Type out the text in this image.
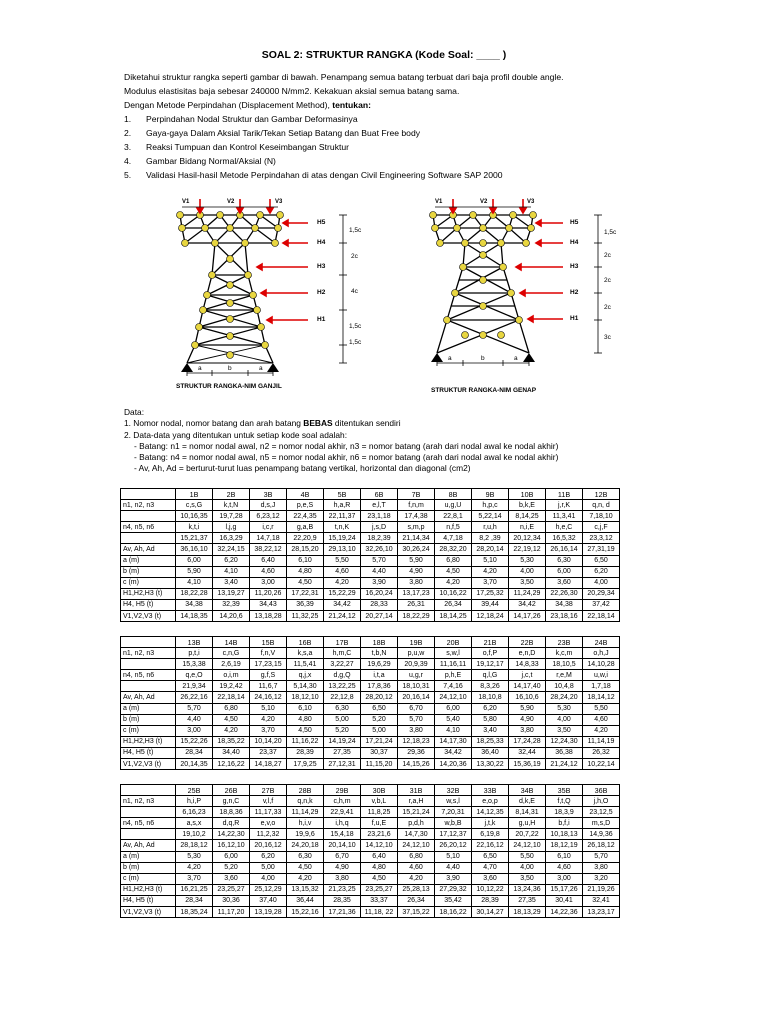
SOAL 2: STRUKTUR RANGKA (Kode Soal: ____ )

Diketahui struktur rangka seperti gambar di bawah. Penampang semua batang terbuat dari baja profil double angle.

Modulus elastisitas baja sebesar 240000 N/mm2. Kekakuan aksial semua batang sama.

Dengan Metode Perpindahan (Displacement Method), tentukan:

1.	Perpindahan Nodal Struktur dan Gambar Deformasinya
2.	Gaya-gaya Dalam Aksial Tarik/Tekan Setiap Batang dan Buat Free body
3.	Reaksi Tumpuan dan Kontrol Keseimbangan Struktur
4.	Gambar Bidang Normal/Aksial (N)
5.	Validasi Hasil-hasil Metode Perpindahan di atas dengan Civil Engineering Software SAP 2000
V1	V2	V3
H5
H4
H3
H2
H1
1,5c
2c
4c
1,5c
1,5c
a	b	a
STRUKTUR RANGKA-NIM GANJIL
V1	V2	V3
H5
H4
H3
H2
H1
1,5c
2c
2c
2c
3c
a	b	a
STRUKTUR RANGKA-NIM GENAP

Data:

1. Nomor nodal, nomor batang dan arah batang BEBAS ditentukan sendiri

2. Data-data yang ditentukan untuk setiap kode soal adalah:

- Batang: n1 = nomor nodal awal, n2 = nomor nodal akhir, n3 = nomor batang (arah dari nodal awal ke nodal akhir)

- Batang: n4 = nomor nodal awal, n5 = nomor nodal akhir, n6 = nomor batang (arah dari nodal awal ke nodal akhir)

- Av, Ah, Ad = berturut-turut luas penampang batang vertikal, horizontal dan diagonal (cm2)

	1B	2B	3B	4B	5B	6B	7B	8B	9B	10B	11B	12B
n1, n2, n3	c,s,G	k,t,N	d,s,J	p,e,S	h,a,R	e,l,T	f,n,m	u,g,U	h,p,c	b,k,E	j,r,K	q,n, d
	10,16,35	19,7,28	6,23,12	22,4,35	22,11,37	23,1,18	17,4,38	22,8,1	5,22,14	8,14,25	11,3,41	7,18,10
n4, n5, n6	k,t,i	l,j,g	i,c,r	g,a,B	t,n,K	j,s,D	s,m,p	n,f,5	r,u,h	n,i,E	h,e,C	c,j,F
	15,21,37	16,3,29	14,7,18	22,20,9	15,19,24	18,2,39	21,14,34	4,7,18	8,2 ,39	20,12,34	16,5,32	23,3,12
Av, Ah, Ad	36,16,10	32,24,15	38,22,12	28,15,20	29,13,10	32,26,10	30,26,24	28,32,20	28,20,14	22,19,12	26,16,14	27,31,19
a (m)	6,00	6,20	6,40	6,10	5,50	5,70	5,90	6,80	5,10	5,30	6,30	6,50
b (m)	5,90	4,10	4,60	4,80	4,60	4,40	4,90	4,50	4,20	4,00	6,00	6,20
c (m)	4,10	3,40	3,00	4,50	4,20	3,90	3,80	4,20	3,70	3,50	3,60	4,00
H1,H2,H3 (t)	18,22,28	13,19,27	11,20,26	17,22,31	15,22,29	16,20,24	13,17,23	10,16,22	17,25,32	11,24,29	22,26,30	20,29,34
H4, H5 (t)	34,38	32,39	34,43	36,39	34,42	28,33	26,31	26,34	39,44	34,42	34,38	37,42
V1,V2,V3 (t)	14,18,35	14,20,6	13,18,28	11,32,25	21,24,12	20,27,14	18,22,29	18,14,25	12,18,24	14,17,26	23,18,16	22,18,14
	13B	14B	15B	16B	17B	18B	19B	20B	21B	22B	23B	24B
n1, n2, n3	p,t,i	c,n,G	f,n,V	k,s,a	h,m,C	t,b,N	p,u,w	s,w,l	o,f,P	e,n,D	k,c,m	o,h,J
	15,3,38	2,6,19	17,23,15	11,5,41	3,22,27	19,6,29	20,9,39	11,16,11	19,12,17	14,8,33	18,10,5	14,10,28
n4, n5, n6	q,e,O	o,i,m	g,f,S	q,j,x	d,g,Q	i,t,a	u,g,r	p,h,E	q,l,G	j,c,t	r,e,M	u,w,i
	21,9,34	19,2,42	11,6,7	5,14,30	13,22,25	17,8,36	18,10,31	7,4,16	8,3,26	14,17,40	10,4,8	1,7,18
Av, Ah, Ad	26,22,16	22,18,14	24,16,12	18,12,10	22,12,8	28,20,12	20,16,14	24,12,10	18,10,8	16,10,6	28,24,20	18,14,12
a (m)	5,70	6,80	5,10	6,10	6,30	6,50	6,70	6,00	6,20	5,90	5,30	5,50
b (m)	4,40	4,50	4,20	4,80	5,00	5,20	5,70	5,40	5,80	4,90	4,00	4,60
c (m)	3,00	4,20	3,70	4,50	5,20	5,00	3,80	4,10	3,40	3,80	3,50	4,20
H1,H2,H3 (t)	15,22,26	18,35,22	10,14,20	11,16,22	14,19,24	17,21,24	12,18,23	14,17,30	18,25,33	17,24,28	12,24,30	11,14,19
H4, H5 (t)	28,34	34,40	23,37	28,39	27,35	30,37	29,36	34,42	36,40	32,44	36,38	26,32
V1,V2,V3 (t)	20,14,35	12,16,22	14,18,27	17,9,25	27,12,31	11,15,20	14,15,26	14,20,36	13,30,22	15,36,19	21,24,12	10,22,14
	25B	26B	27B	28B	29B	30B	31B	32B	33B	34B	35B	36B
n1, n2, n3	h,i,P	g,n,C	v,l,f	q,n,k	c,h,m	v,b,L	r,a,H	w,s,l	e,o,p	d,k,E	f,t,Q	j,h,O
	6,16,23	18,8,36	11,17,33	11,14,29	22,9,41	11,8,25	15,21,24	7,20,31	14,12,35	8,14,31	18,3,9	23,12,5
n4, n5, n6	a,s,x	d,q,R	e,v,o	h,i,v	i,h,q	f,u,E	p,d,h	w,b,B	j,t,k	g,u,H	b,f,i	m,s,D
	19,10,2	14,22,30	11,2,32	19,9,6	15,4,18	23,21,6	14,7,30	17,12,37	6,19,8	20,7,22	10,18,13	14,9,36
Av, Ah, Ad	28,18,12	16,12,10	20,16,12	24,20,18	20,14,10	14,12,10	24,12,10	26,20,12	22,16,12	24,12,10	18,12,19	26,18,12
a (m)	5,30	6,00	6,20	6,30	6,70	6,40	6,80	5,10	6,50	5,50	6,10	5,70
b (m)	4,20	5,20	5,00	4,50	4,90	4,80	4,60	4,40	4,70	4,00	4,60	3,80
c (m)	3,70	3,60	4,00	4,20	3,80	4,50	4,20	3,90	3,60	3,50	3,00	3,20
H1,H2,H3 (t)	16,21,25	23,25,27	25,12,29	13,15,32	21,23,25	23,25,27	25,28,13	27,29,32	10,12,22	13,24,36	15,17,26	21,19,26
H4, H5 (t)	28,34	30,36	37,40	36,44	28,35	33,37	26,34	35,42	28,39	27,35	30,41	32,41
V1,V2,V3 (t)	18,35,24	11,17,20	13,19,28	15,22,16	17,21,36	11,18, 22	37,15,22	18,16,22	30,14,27	18,13,29	14,22,36	13,23,17
